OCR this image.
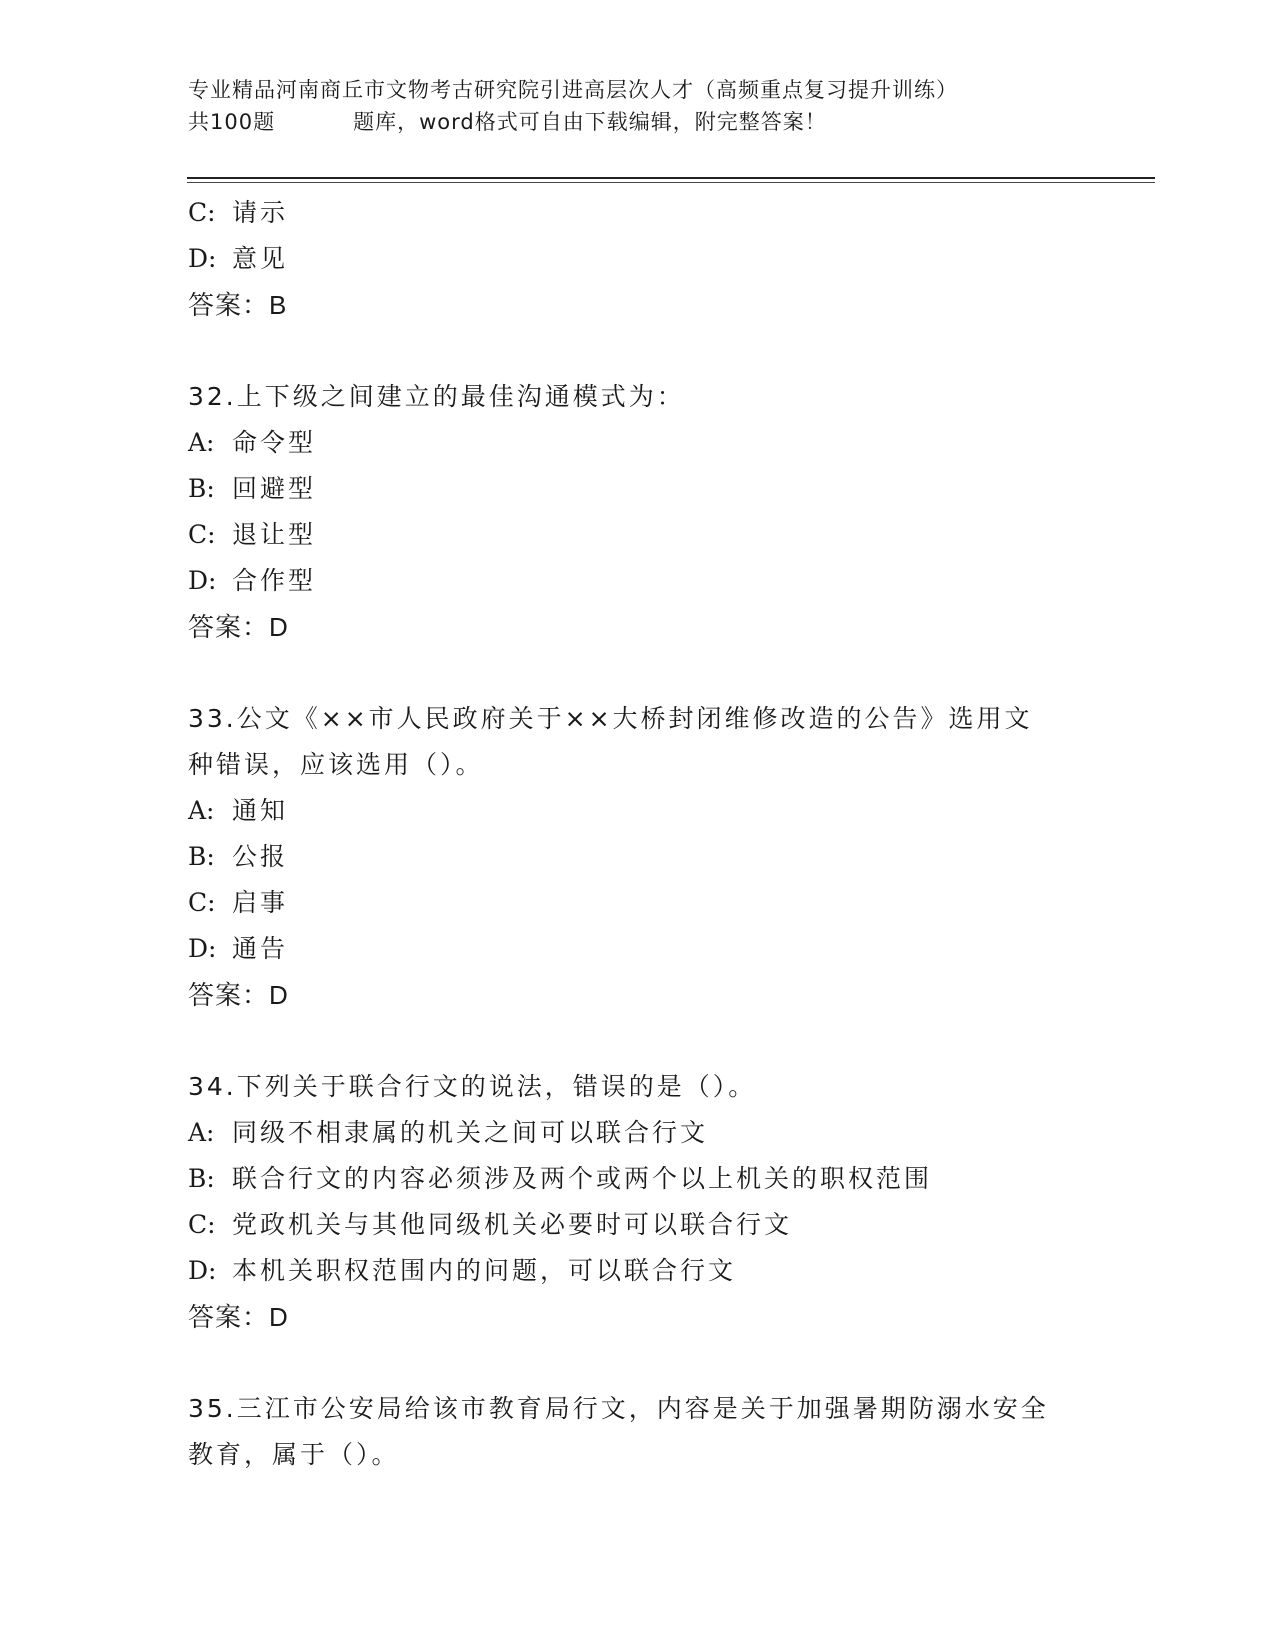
专业精品河南商丘市文物考古研究院引进高层次人才（高频重点复习提升训练）
共100题	题库，word格式可自由下载编辑，附完整答案！
C: 请示
D: 意见
答案：B
32.上下级之间建立的最佳沟通模式为：
A: 命令型
B: 回避型
C: 退让型
D: 合作型
答案：D
33.公文《××市人民政府关于××大桥封闭维修改造的公告》选用文种错误，应该选用（）。
A: 通知
B: 公报
C: 启事
D: 通告
答案：D
34.下列关于联合行文的说法，错误的是（）。
A: 同级不相隶属的机关之间可以联合行文
B: 联合行文的内容必须涉及两个或两个以上机关的职权范围
C: 党政机关与其他同级机关必要时可以联合行文
D: 本机关职权范围内的问题，可以联合行文
答案：D
35.三江市公安局给该市教育局行文，内容是关于加强暑期防溺水安全教育，属于（）。
